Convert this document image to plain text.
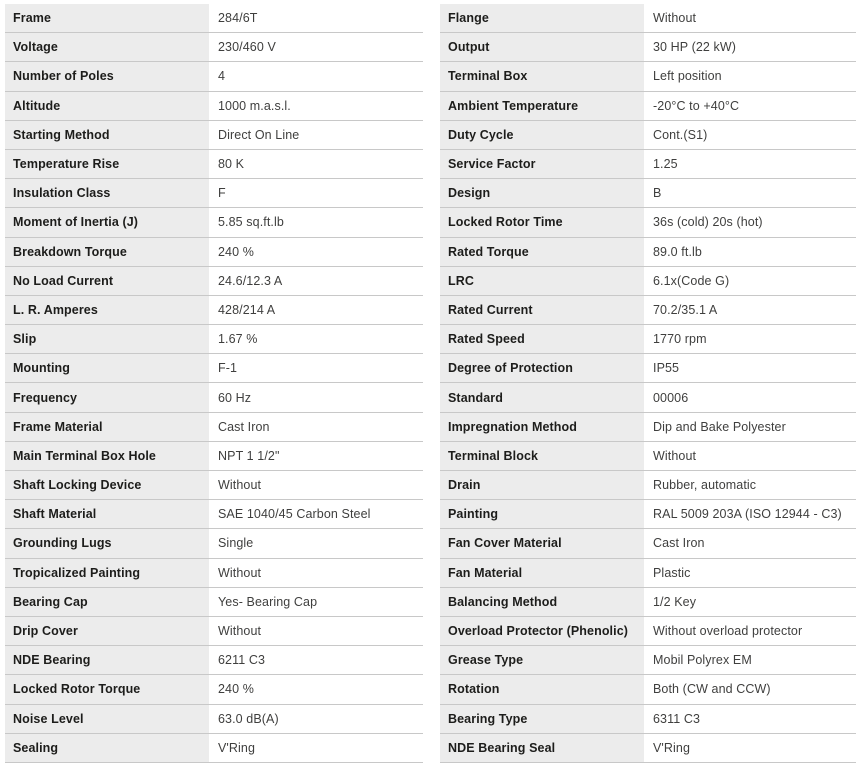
Frame	284/6T
Voltage	230/460 V
Number of Poles	4
Altitude	1000 m.a.s.l.
Starting Method	Direct On Line
Temperature Rise	80 K
Insulation Class	F
Moment of Inertia (J)	5.85 sq.ft.lb
Breakdown Torque	240 %
No Load Current	24.6/12.3 A
L. R. Amperes	428/214 A
Slip	1.67 %
Mounting	F-1
Frequency	60 Hz
Frame Material	Cast Iron
Main Terminal Box Hole	NPT 1 1/2"
Shaft Locking Device	Without
Shaft Material	SAE 1040/45 Carbon Steel
Grounding Lugs	Single
Tropicalized Painting	Without
Bearing Cap	Yes- Bearing Cap
Drip Cover	Without
NDE Bearing	6211 C3
Locked Rotor Torque	240 %
Noise Level	63.0 dB(A)
Sealing	V'Ring
Flange	Without
Output	30 HP (22 kW)
Terminal Box	Left position
Ambient Temperature	-20°C to +40°C
Duty Cycle	Cont.(S1)
Service Factor	1.25
Design	B
Locked Rotor Time	36s (cold) 20s (hot)
Rated Torque	89.0 ft.lb
LRC	6.1x(Code G)
Rated Current	70.2/35.1 A
Rated Speed	1770 rpm
Degree of Protection	IP55
Standard	00006
Impregnation Method	Dip and Bake Polyester
Terminal Block	Without
Drain	Rubber, automatic
Painting	RAL 5009 203A (ISO 12944 - C3)
Fan Cover Material	Cast Iron
Fan Material	Plastic
Balancing Method	1/2 Key
Overload Protector (Phenolic)	Without overload protector
Grease Type	Mobil Polyrex EM
Rotation	Both (CW and CCW)
Bearing Type	6311 C3
NDE Bearing Seal	V'Ring
